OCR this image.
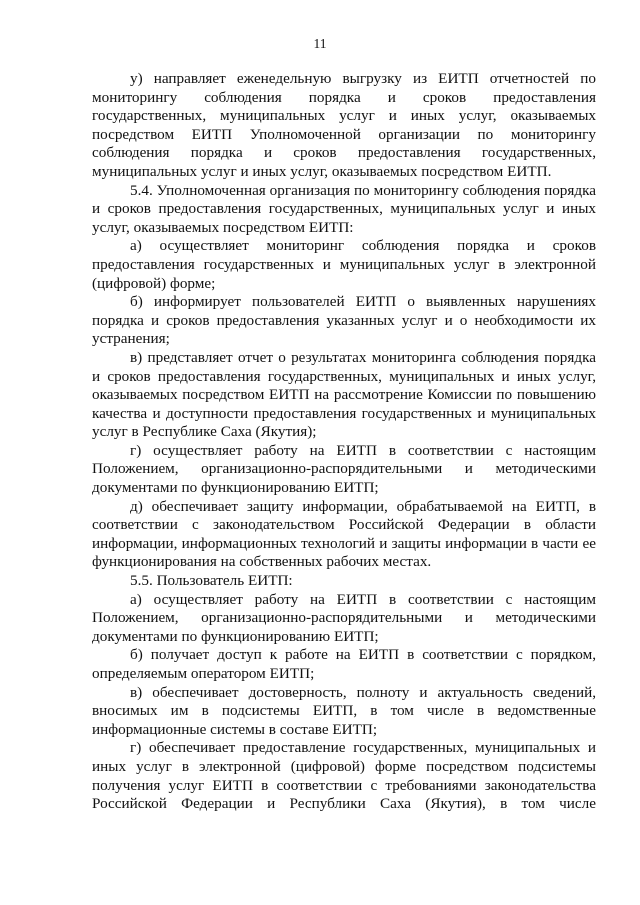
11

у) направляет еженедельную выгрузку из ЕИТП отчетностей по мониторингу соблюдения порядка и сроков предоставления государственных, муниципальных услуг и иных услуг, оказываемых посредством ЕИТП Уполномоченной организации по мониторингу соблюдения порядка и сроков предоставления государственных, муниципальных услуг и иных услуг, оказываемых посредством ЕИТП.

5.4. Уполномоченная организация по мониторингу соблюдения порядка и сроков предоставления государственных, муниципальных услуг и иных услуг, оказываемых посредством ЕИТП:

а) осуществляет мониторинг соблюдения порядка и сроков предоставления государственных и муниципальных услуг в электронной (цифровой) форме;

б) информирует пользователей ЕИТП о выявленных нарушениях порядка и сроков предоставления указанных услуг и о необходимости их устранения;

в) представляет отчет о результатах мониторинга соблюдения порядка и сроков предоставления государственных, муниципальных и иных услуг, оказываемых посредством ЕИТП на рассмотрение Комиссии по повышению качества и доступности предоставления государственных и муниципальных услуг в Республике Саха (Якутия);

г) осуществляет работу на ЕИТП в соответствии с настоящим Положением, организационно-распорядительными и методическими документами по функционированию ЕИТП;

д) обеспечивает защиту информации, обрабатываемой на ЕИТП, в соответствии с законодательством Российской Федерации в области информации, информационных технологий и защиты информации в части ее функционирования на собственных рабочих местах.

5.5. Пользователь ЕИТП:

а) осуществляет работу на ЕИТП в соответствии с настоящим Положением, организационно-распорядительными и методическими документами по функционированию ЕИТП;

б) получает доступ к работе на ЕИТП в соответствии с порядком, определяемым оператором ЕИТП;

в) обеспечивает достоверность, полноту и актуальность сведений, вносимых им в подсистемы ЕИТП, в том числе в ведомственные информационные системы в составе ЕИТП;

г) обеспечивает предоставление государственных, муниципальных и иных услуг в электронной (цифровой) форме посредством подсистемы получения услуг ЕИТП в соответствии с требованиями законодательства Российской Федерации и Республики Саха (Якутия), в том числе
